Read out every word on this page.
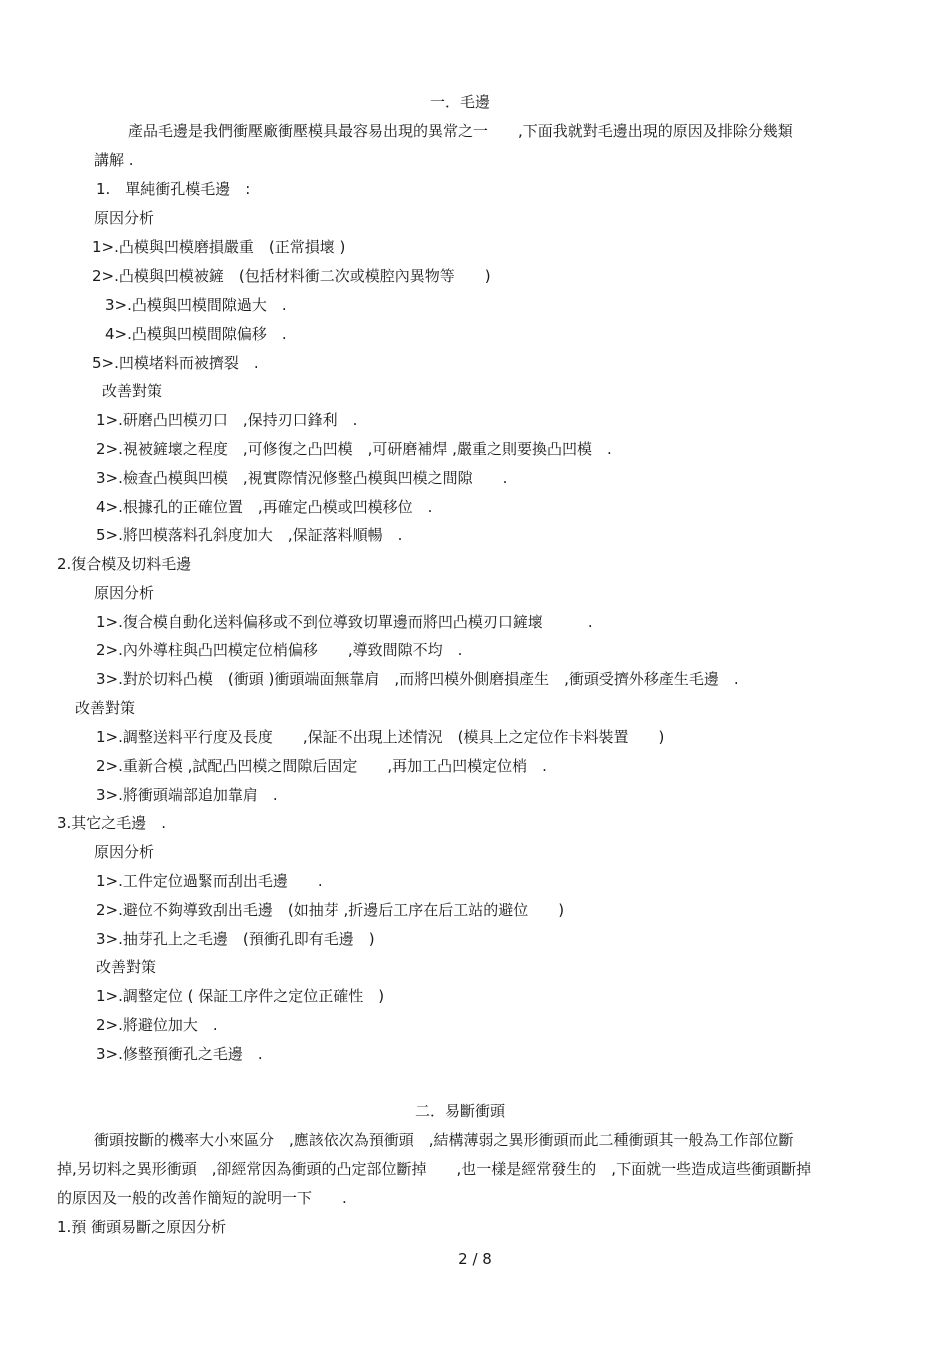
一．毛邊
產品毛邊是我們衝壓廠衝壓模具最容易出現的異常之一　　,下面我就對毛邊出現的原因及排除分幾類
講解 .
1.　單純衝孔模毛邊　:
原因分析
1>.凸模與凹模磨損嚴重　(正常損壞 )
2>.凸模與凹模被鏟　(包括材料衝二次或模腔內異物等　　)
3>.凸模與凹模間隙過大　.
4>.凸模與凹模間隙偏移　.
5>.凹模堵料而被擠裂　.
改善對策
1>.研磨凸凹模刃口　,保持刃口鋒利　.
2>.視被鏟壞之程度　,可修復之凸凹模　,可研磨補焊 ,嚴重之則要換凸凹模　.
3>.檢查凸模與凹模　,視實際情況修整凸模與凹模之間隙　　.
4>.根據孔的正確位置　,再確定凸模或凹模移位　.
5>.將凹模落料孔斜度加大　,保証落料順暢　.
2.復合模及切料毛邊
原因分析
1>.復合模自動化送料偏移或不到位導致切單邊而將凹凸模刃口鏟壞　　　.
2>.內外導柱與凸凹模定位梢偏移　　,導致間隙不均　.
3>.對於切料凸模　(衝頭 )衝頭端面無靠肩　,而將凹模外側磨損產生　,衝頭受擠外移產生毛邊　.
改善對策
1>.調整送料平行度及長度　　,保証不出現上述情況　(模具上之定位作卡料裝置　　)
2>.重新合模 ,試配凸凹模之間隙后固定　　,再加工凸凹模定位梢　.
3>.將衝頭端部追加靠肩　.
3.其它之毛邊　.
原因分析
1>.工件定位過緊而刮出毛邊　　.
2>.避位不夠導致刮出毛邊　(如抽芽 ,折邊后工序在后工站的避位　　)
3>.抽芽孔上之毛邊　(預衝孔即有毛邊　)
改善對策
1>.調整定位 ( 保証工序件之定位正確性　)
2>.將避位加大　.
3>.修整預衝孔之毛邊　.
二．易斷衝頭
衝頭按斷的機率大小來區分　,應該依次為預衝頭　,結構薄弱之異形衝頭而此二種衝頭其一般為工作部位斷
掉,另切料之異形衝頭　,卻經常因為衝頭的凸定部位斷掉　　,也一樣是經常發生的　,下面就一些造成這些衝頭斷掉
的原因及一般的改善作簡短的說明一下　　.
1.預 衝頭易斷之原因分析
2 / 8
